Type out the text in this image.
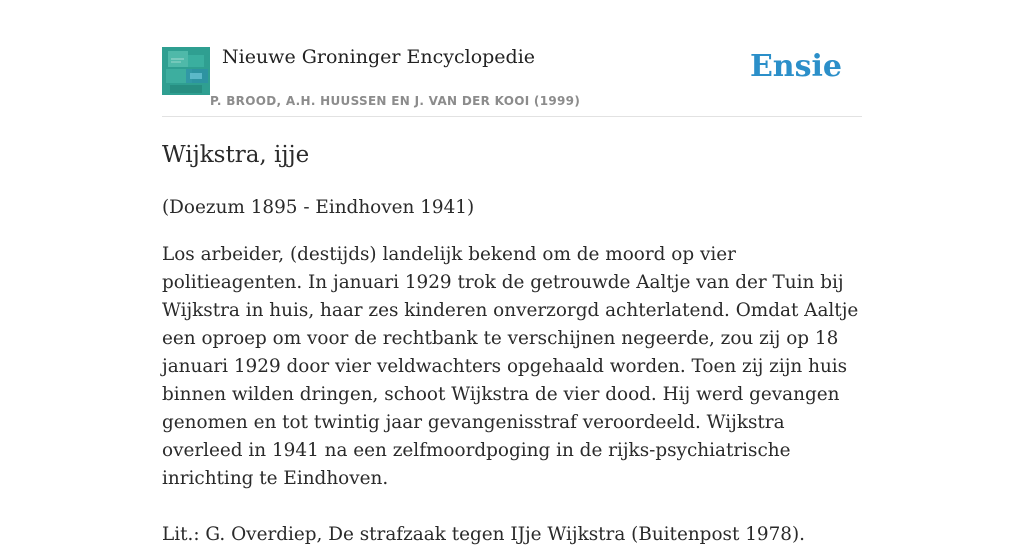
Nieuwe Groninger Encyclopedie
P. BROOD, A.H. HUUSSEN EN J. VAN DER KOOI (1999)
Ensie
Wijkstra, ijje

(Doezum 1895 - Eindhoven 1941)

Los arbeider, (destijds) landelijk bekend om de moord op vier politieagenten. In januari 1929 trok de getrouwde Aaltje van der Tuin bij Wijkstra in huis, haar zes kinderen onverzorgd achterlatend. Omdat Aaltje een oproep om voor de rechtbank te verschijnen negeerde, zou zij op 18 januari 1929 door vier veldwachters opgehaald worden. Toen zij zijn huis binnen wilden dringen, schoot Wijkstra de vier dood. Hij werd gevangen genomen en tot twintig jaar gevangenisstraf veroordeeld. Wijkstra overleed in 1941 na een zelfmoordpoging in de rijks-psychiatrische inrichting te Eindhoven.

Lit.: G. Overdiep, De strafzaak tegen IJje Wijkstra (Buitenpost 1978).
